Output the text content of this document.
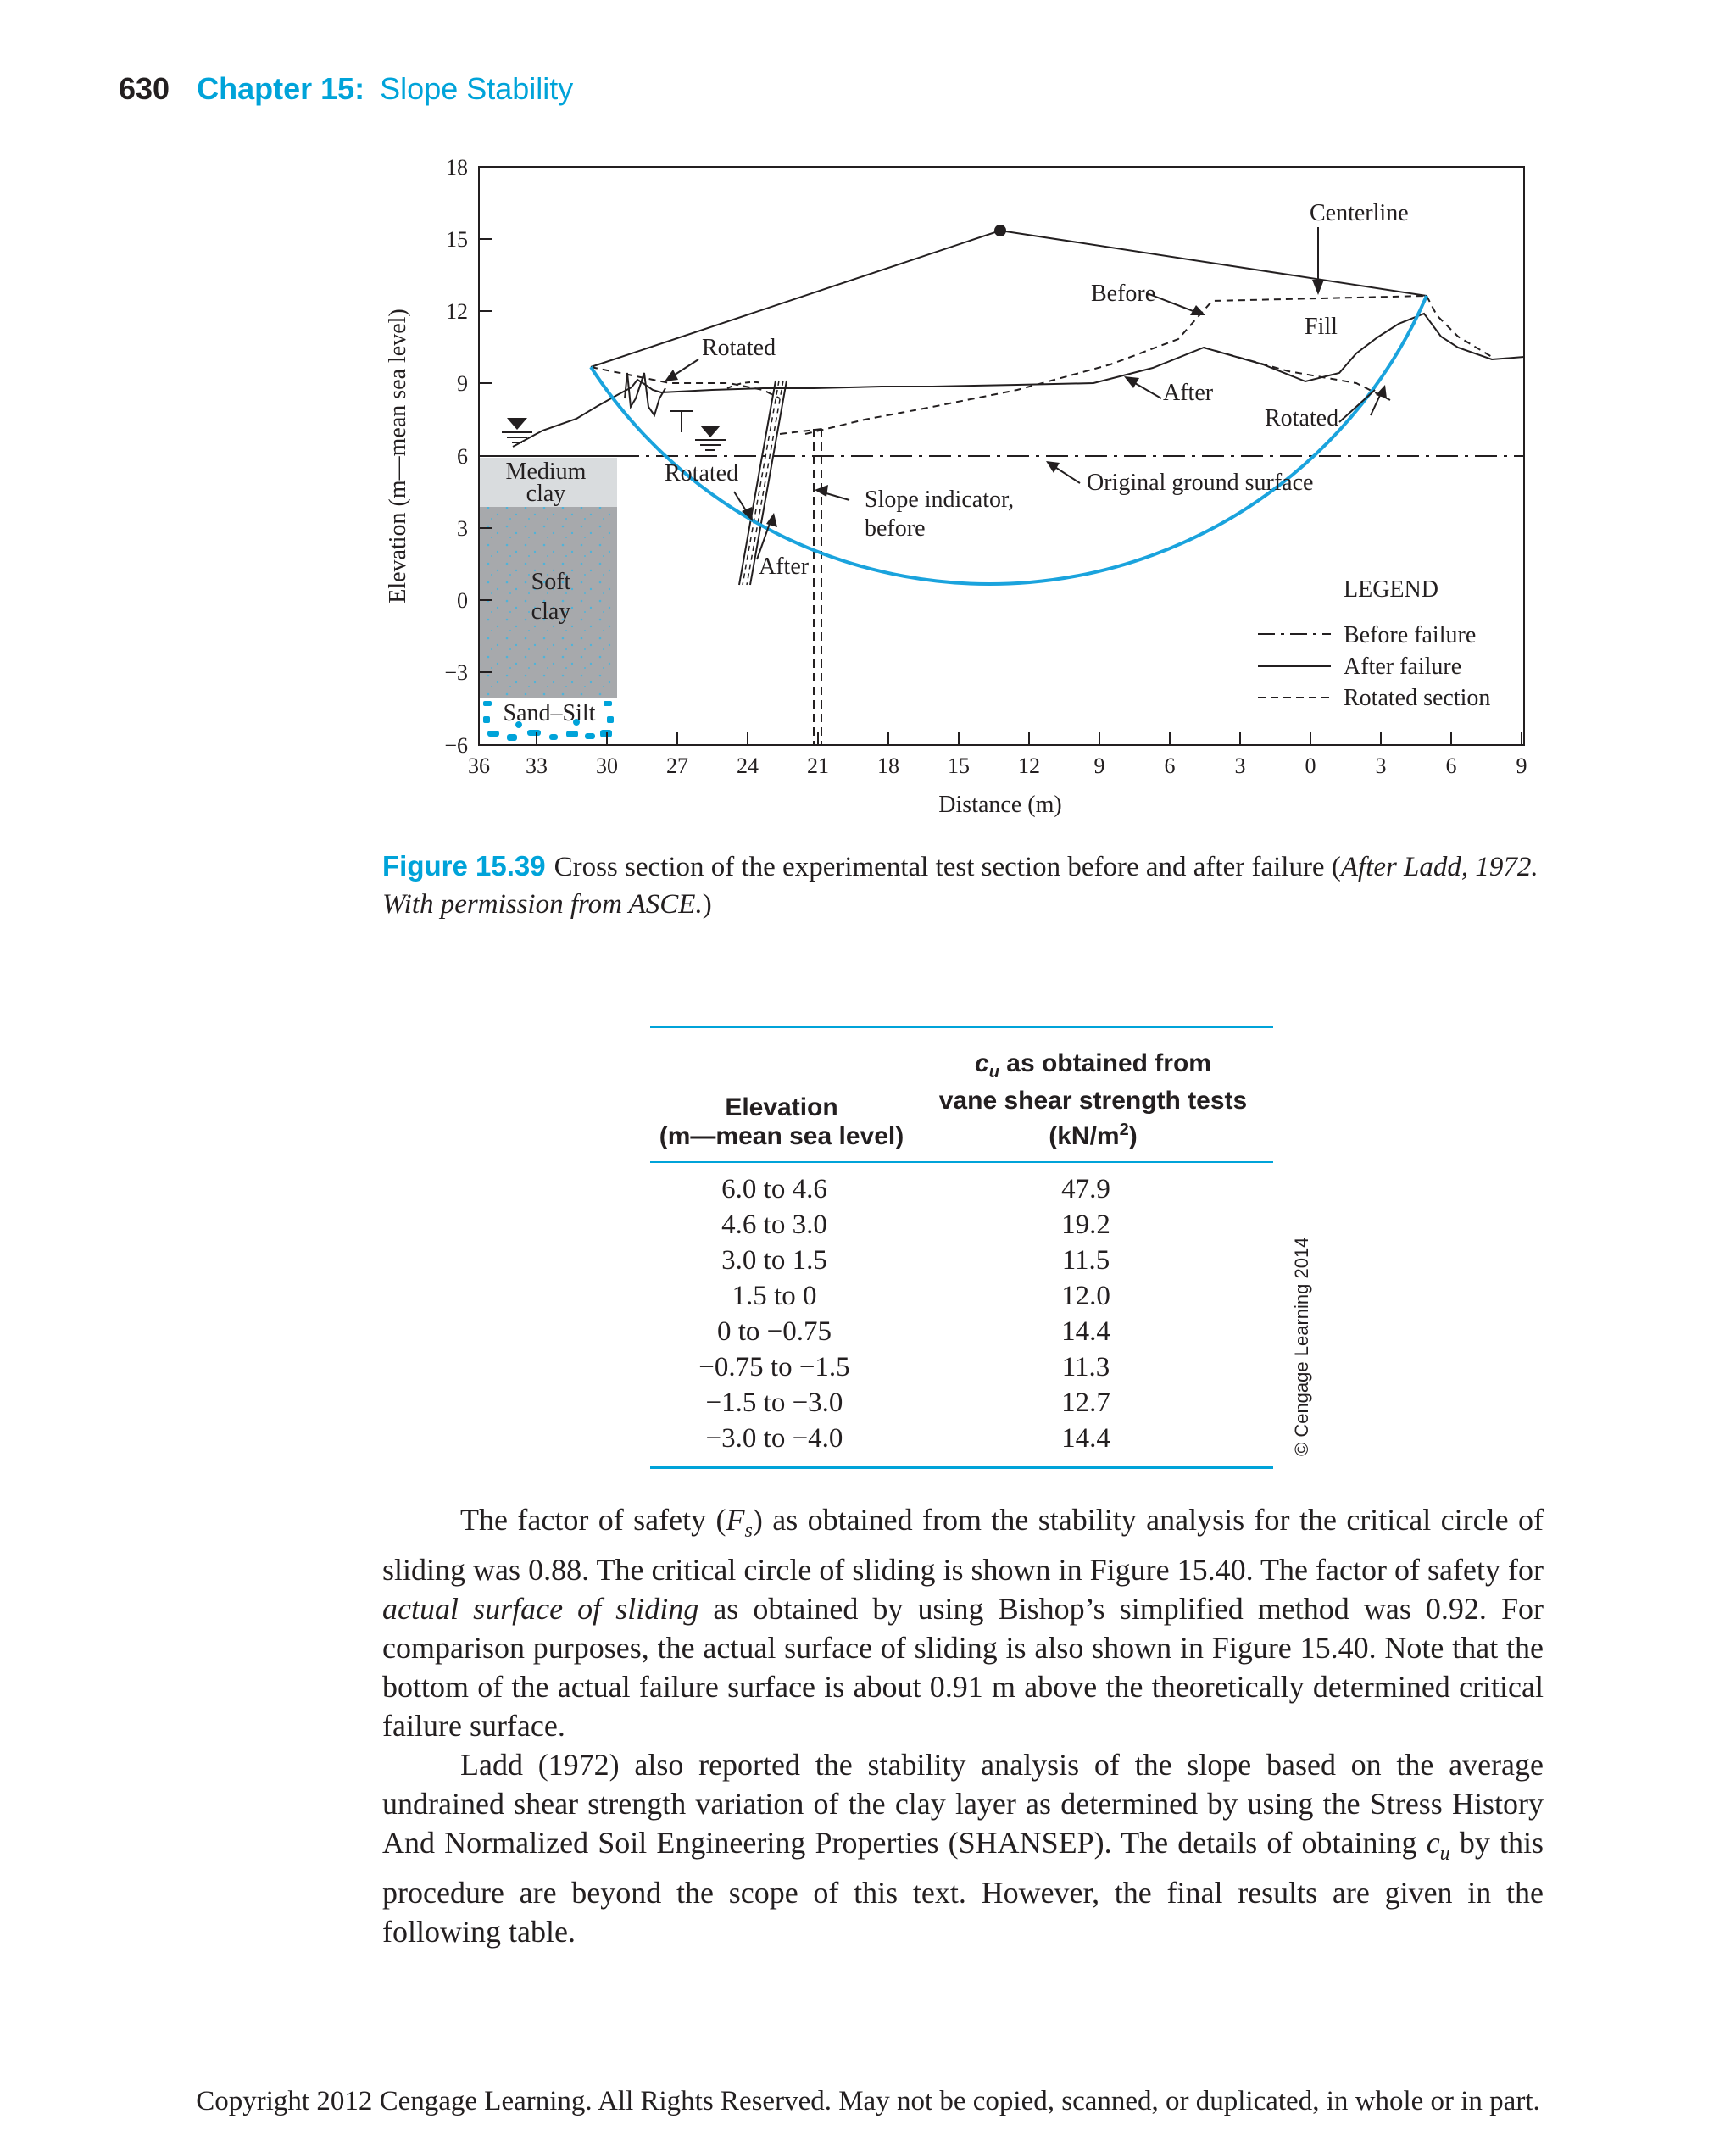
630 Chapter 15: Slope Stability
18
15
12
9
6
3
0
−3
−6
36 33 30 27 24 21 18 15 12 9	6	3	0	3	6	9
Distance (m)
Elevation (m—mean sea level)
Centerline
Before
Fill
Rotated
After
Rotated
Rotated	Original ground surface
Slope indicator,
before
After
Medium
clay
Soft
clay
Sand–Silt
LEGEND
Before failure
After failure
Rotated section
Figure 15.39 Cross section of the experimental test section before and after failure (After Ladd, 1972. With permission from ASCE.)
Elevation
(m—mean sea level)
$c_u$ as obtained from
vane shear strength tests
$(kN/m^2)$
6.0 to 4.6	47.9
4.6 to 3.0	19.2
3.0 to 1.5	11.5
1.5 to 0	12.0
0 to −0.75	14.4
−0.75 to −1.5	11.3
−1.5 to −3.0	12.7
−3.0 to −4.0	14.4	© Cengage Learning 2014

The factor of safety $(F_s)$ as obtained from the stability analysis for the critical circle of sliding was 0.88. The critical circle of sliding is shown in Figure 15.40. The factor of safety for actual surface of sliding as obtained by using Bishop’s simplified method was 0.92. For comparison purposes, the actual surface of sliding is also shown in Figure 15.40. Note that the bottom of the actual failure surface is about 0.91 m above the theoretically determined critical failure surface.

Ladd (1972) also reported the stability analysis of the slope based on the average undrained shear strength variation of the clay layer as determined by using the Stress History And Normalized Soil Engineering Properties (SHANSEP). The details of obtaining $c_u$ by this procedure are beyond the scope of this text. However, the final results are given in the following table.

Copyright 2012 Cengage Learning. All Rights Reserved. May not be copied, scanned, or duplicated, in whole or in part.
